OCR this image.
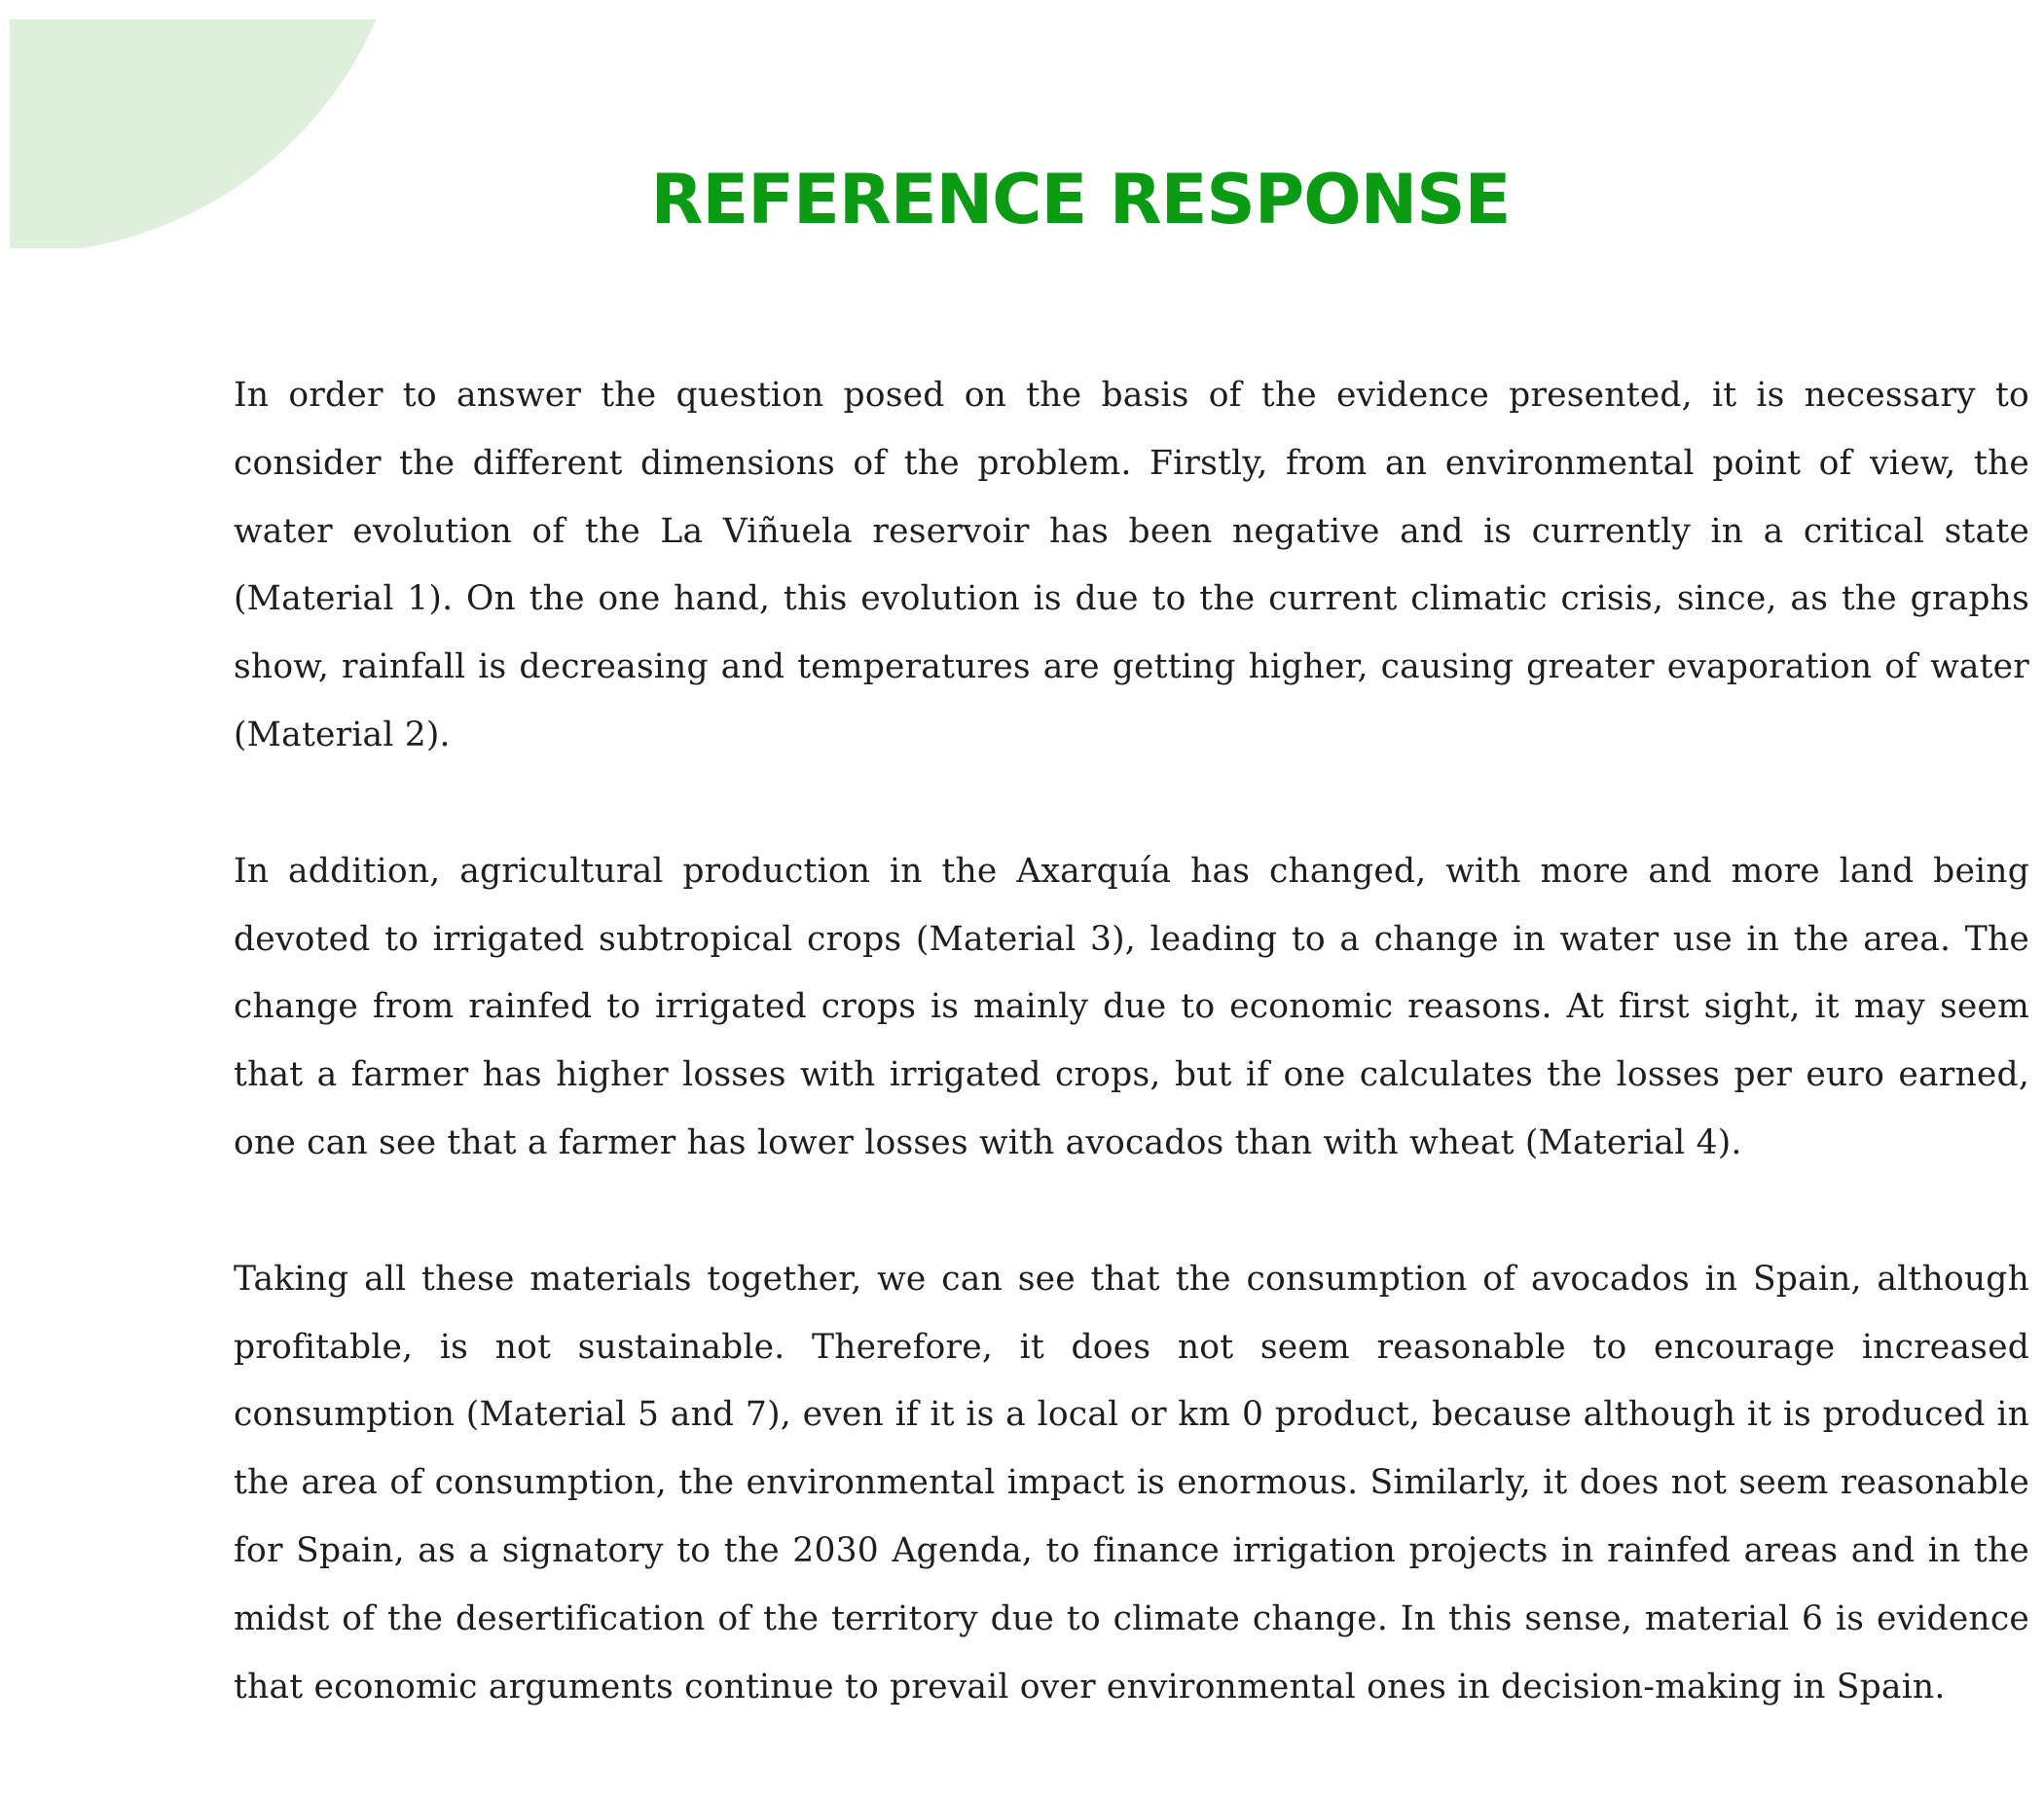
REFERENCE RESPONSE

In order to answer the question posed on the basis of the evidence presented, it is necessary to consider the different dimensions of the problem. Firstly, from an environmental point of view, the water evolution of the La Viñuela reservoir has been negative and is currently in a critical state (Material 1). On the one hand, this evolution is due to the current climatic crisis, since, as the graphs show, rainfall is decreasing and temperatures are getting higher, causing greater evaporation of water (Material 2).

In addition, agricultural production in the Axarquía has changed, with more and more land being devoted to irrigated subtropical crops (Material 3), leading to a change in water use in the area. The change from rainfed to irrigated crops is mainly due to economic reasons. At first sight, it may seem that a farmer has higher losses with irrigated crops, but if one calculates the losses per euro earned, one can see that a farmer has lower losses with avocados than with wheat (Material 4).

Taking all these materials together, we can see that the consumption of avocados in Spain, although profitable, is not sustainable. Therefore, it does not seem reasonable to encourage increased consumption (Material 5 and 7), even if it is a local or km 0 product, because although it is produced in the area of consumption, the environmental impact is enormous. Similarly, it does not seem reasonable for Spain, as a signatory to the 2030 Agenda, to finance irrigation projects in rainfed areas and in the midst of the desertification of the territory due to climate change. In this sense, material 6 is evidence that economic arguments continue to prevail over environmental ones in decision-making in Spain.
